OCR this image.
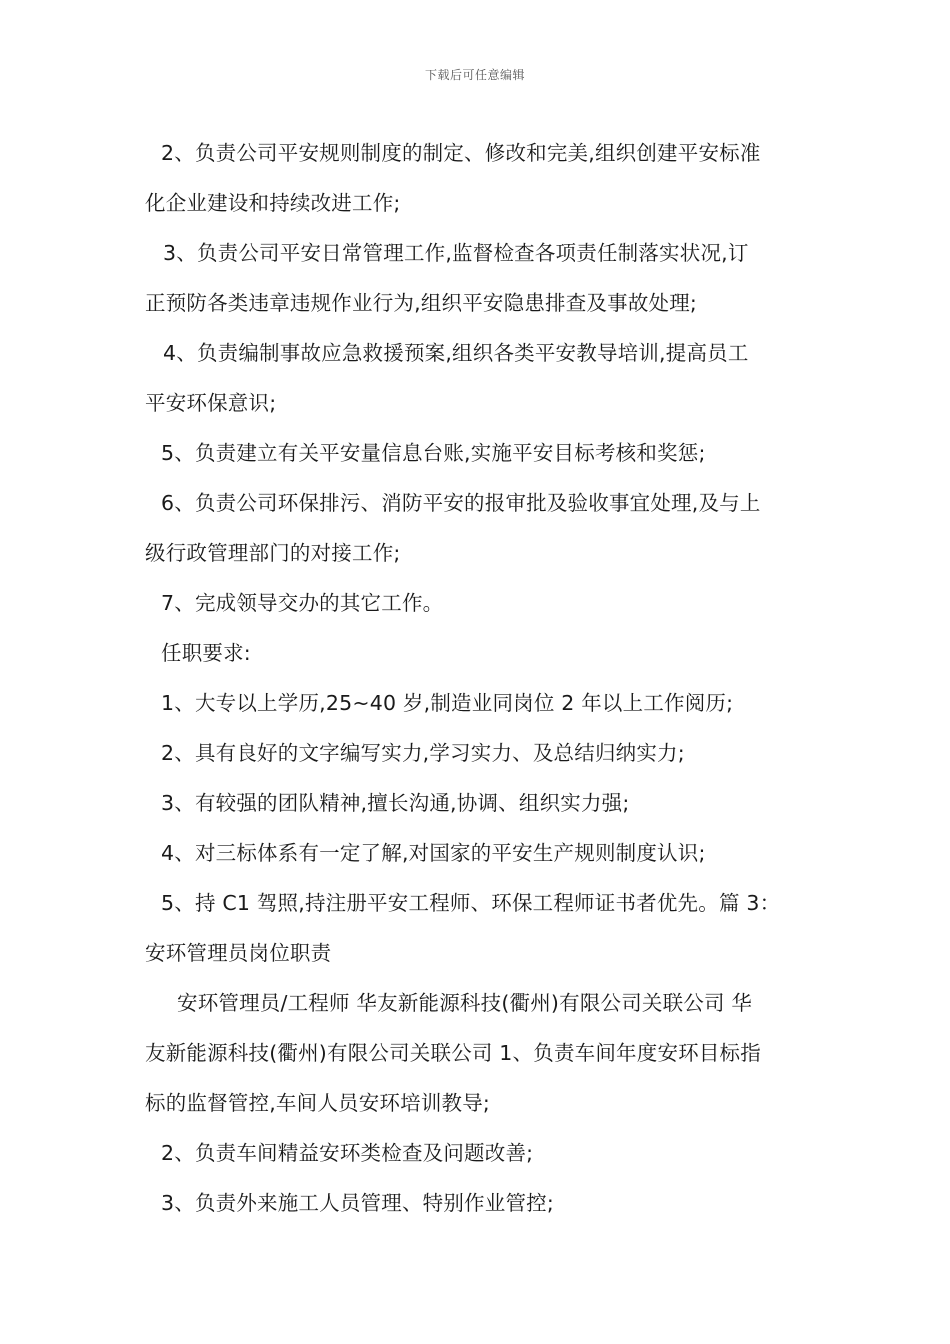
下载后可任意编辑
2、负责公司平安规则制度的制定、修改和完美,组织创建平安标准
化企业建设和持续改进工作;
3、负责公司平安日常管理工作,监督检查各项责任制落实状况,订
正预防各类违章违规作业行为,组织平安隐患排查及事故处理;
4、负责编制事故应急救援预案,组织各类平安教导培训,提高员工
平安环保意识;
5、负责建立有关平安量信息台账,实施平安目标考核和奖惩;
6、负责公司环保排污、消防平安的报审批及验收事宜处理,及与上
级行政管理部门的对接工作;
7、完成领导交办的其它工作。
任职要求:
1、大专以上学历,25~40 岁,制造业同岗位 2 年以上工作阅历;
2、具有良好的文字编写实力,学习实力、及总结归纳实力;
3、有较强的团队精神,擅长沟通,协调、组织实力强;
4、对三标体系有一定了解,对国家的平安生产规则制度认识;
5、持 C1 驾照,持注册平安工程师、环保工程师证书者优先。篇 3：
安环管理员岗位职责
安环管理员/工程师 华友新能源科技(衢州)有限公司关联公司 华
友新能源科技(衢州)有限公司关联公司 1、负责车间年度安环目标指
标的监督管控,车间人员安环培训教导;
2、负责车间精益安环类检查及问题改善;
3、负责外来施工人员管理、特别作业管控;
